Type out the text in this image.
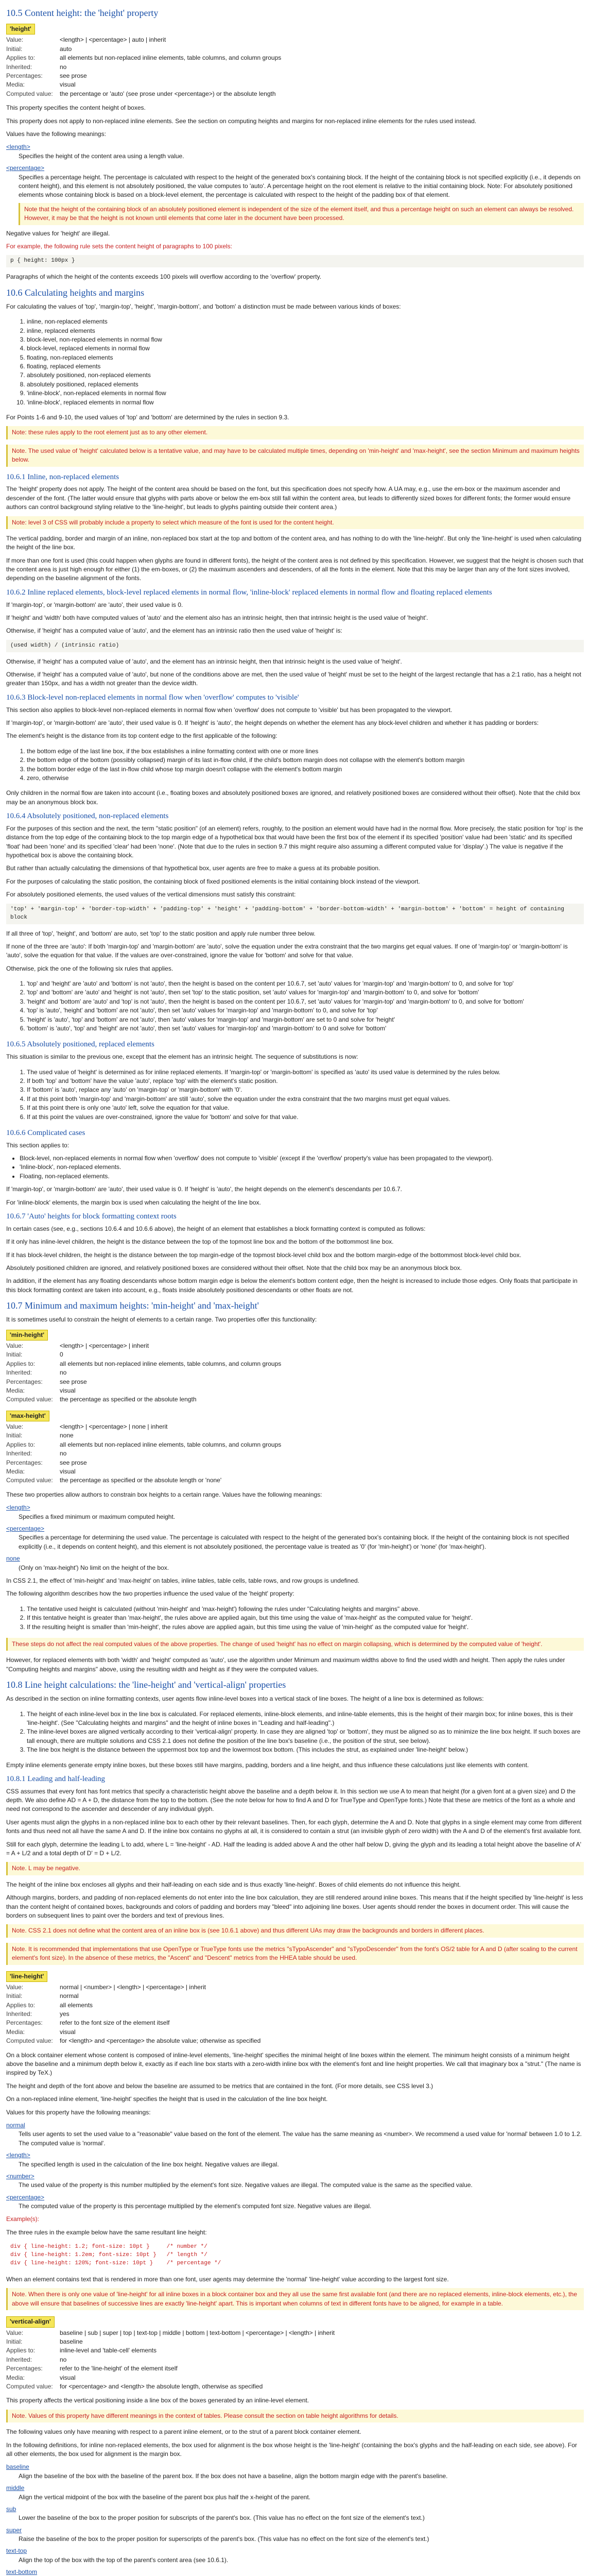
10.5 Content height: the 'height' property
'height'
Value:	<length> | <percentage> | auto | inherit
Initial:	auto
Applies to:	all elements but non-replaced inline elements, table columns, and column groups
Inherited:	no
Percentages:	see prose
Media:	visual
Computed value:	the percentage or 'auto' (see prose under <percentage>) or the absolute length

This property specifies the content height of boxes.

This property does not apply to non-replaced inline elements. See the section on computing heights and margins for non-replaced inline elements for the rules used instead.

Values have the following meanings:

<length>
Specifies the height of the content area using a length value.
<percentage>
Specifies a percentage height. The percentage is calculated with respect to the height of the generated box's containing block. If the height of the containing block is not specified explicitly (i.e., it depends on content height), and this element is not absolutely positioned, the value computes to 'auto'. A percentage height on the root element is relative to the initial containing block. Note: For absolutely positioned elements whose containing block is based on a block-level element, the percentage is calculated with respect to the height of the padding box of that element.
Note that the height of the containing block of an absolutely positioned element is independent of the size of the element itself, and thus a percentage height on such an element can always be resolved. However, it may be that the height is not known until elements that come later in the document have been processed.

Negative values for 'height' are illegal.

For example, the following rule sets the content height of paragraphs to 100 pixels:

p { height: 100px }

Paragraphs of which the height of the contents exceeds 100 pixels will overflow according to the 'overflow' property.

10.6 Calculating heights and margins

For calculating the values of 'top', 'margin-top', 'height', 'margin-bottom', and 'bottom' a distinction must be made between various kinds of boxes:

1. inline, non-replaced elements
2. inline, replaced elements
3. block-level, non-replaced elements in normal flow
4. block-level, replaced elements in normal flow
5. floating, non-replaced elements
6. floating, replaced elements
7. absolutely positioned, non-replaced elements
8. absolutely positioned, replaced elements
9. 'inline-block', non-replaced elements in normal flow
10. 'inline-block', replaced elements in normal flow

For Points 1-6 and 9-10, the used values of 'top' and 'bottom' are determined by the rules in section 9.3.

Note: these rules apply to the root element just as to any other element.

Note. The used value of 'height' calculated below is a tentative value, and may have to be calculated multiple times, depending on 'min-height' and 'max-height', see the section Minimum and maximum heights below.

10.6.1 Inline, non-replaced elements

The 'height' property does not apply. The height of the content area should be based on the font, but this specification does not specify how. A UA may, e.g., use the em-box or the maximum ascender and descender of the font. (The latter would ensure that glyphs with parts above or below the em-box still fall within the content area, but leads to differently sized boxes for different fonts; the former would ensure authors can control background styling relative to the 'line-height', but leads to glyphs painting outside their content area.)

Note: level 3 of CSS will probably include a property to select which measure of the font is used for the content height.

The vertical padding, border and margin of an inline, non-replaced box start at the top and bottom of the content area, and has nothing to do with the 'line-height'. But only the 'line-height' is used when calculating the height of the line box.

If more than one font is used (this could happen when glyphs are found in different fonts), the height of the content area is not defined by this specification. However, we suggest that the height is chosen such that the content area is just high enough for either (1) the em-boxes, or (2) the maximum ascenders and descenders, of all the fonts in the element. Note that this may be larger than any of the font sizes involved, depending on the baseline alignment of the fonts.

10.6.2 Inline replaced elements, block-level replaced elements in normal flow, 'inline-block' replaced elements in normal flow and floating replaced elements

If 'margin-top', or 'margin-bottom' are 'auto', their used value is 0.

If 'height' and 'width' both have computed values of 'auto' and the element also has an intrinsic height, then that intrinsic height is the used value of 'height'.

Otherwise, if 'height' has a computed value of 'auto', and the element has an intrinsic ratio then the used value of 'height' is:

(used width) / (intrinsic ratio)

Otherwise, if 'height' has a computed value of 'auto', and the element has an intrinsic height, then that intrinsic height is the used value of 'height'.

Otherwise, if 'height' has a computed value of 'auto', but none of the conditions above are met, then the used value of 'height' must be set to the height of the largest rectangle that has a 2:1 ratio, has a height not greater than 150px, and has a width not greater than the device width.

10.6.3 Block-level non-replaced elements in normal flow when 'overflow' computes to 'visible'

This section also applies to block-level non-replaced elements in normal flow when 'overflow' does not compute to 'visible' but has been propagated to the viewport.

If 'margin-top', or 'margin-bottom' are 'auto', their used value is 0. If 'height' is 'auto', the height depends on whether the element has any block-level children and whether it has padding or borders:

The element's height is the distance from its top content edge to the first applicable of the following:

1. the bottom edge of the last line box, if the box establishes a inline formatting context with one or more lines
2. the bottom edge of the bottom (possibly collapsed) margin of its last in-flow child, if the child's bottom margin does not collapse with the element's bottom margin
3. the bottom border edge of the last in-flow child whose top margin doesn't collapse with the element's bottom margin
4. zero, otherwise

Only children in the normal flow are taken into account (i.e., floating boxes and absolutely positioned boxes are ignored, and relatively positioned boxes are considered without their offset). Note that the child box may be an anonymous block box.

10.6.4 Absolutely positioned, non-replaced elements

For the purposes of this section and the next, the term "static position" (of an element) refers, roughly, to the position an element would have had in the normal flow. More precisely, the static position for 'top' is the distance from the top edge of the containing block to the top margin edge of a hypothetical box that would have been the first box of the element if its specified 'position' value had been 'static' and its specified 'float' had been 'none' and its specified 'clear' had been 'none'. (Note that due to the rules in section 9.7 this might require also assuming a different computed value for 'display'.) The value is negative if the hypothetical box is above the containing block.

But rather than actually calculating the dimensions of that hypothetical box, user agents are free to make a guess at its probable position.

For the purposes of calculating the static position, the containing block of fixed positioned elements is the initial containing block instead of the viewport.

For absolutely positioned elements, the used values of the vertical dimensions must satisfy this constraint:

'top' + 'margin-top' + 'border-top-width' + 'padding-top' + 'height' + 'padding-bottom' + 'border-bottom-width' + 'margin-bottom' + 'bottom' = height of containing block

If all three of 'top', 'height', and 'bottom' are auto, set 'top' to the static position and apply rule number three below.

If none of the three are 'auto': If both 'margin-top' and 'margin-bottom' are 'auto', solve the equation under the extra constraint that the two margins get equal values. If one of 'margin-top' or 'margin-bottom' is 'auto', solve the equation for that value. If the values are over-constrained, ignore the value for 'bottom' and solve for that value.

Otherwise, pick the one of the following six rules that applies.

1. 'top' and 'height' are 'auto' and 'bottom' is not 'auto', then the height is based on the content per 10.6.7, set 'auto' values for 'margin-top' and 'margin-bottom' to 0, and solve for 'top'
2. 'top' and 'bottom' are 'auto' and 'height' is not 'auto', then set 'top' to the static position, set 'auto' values for 'margin-top' and 'margin-bottom' to 0, and solve for 'bottom'
3. 'height' and 'bottom' are 'auto' and 'top' is not 'auto', then the height is based on the content per 10.6.7, set 'auto' values for 'margin-top' and 'margin-bottom' to 0, and solve for 'bottom'
4. 'top' is 'auto', 'height' and 'bottom' are not 'auto', then set 'auto' values for 'margin-top' and 'margin-bottom' to 0, and solve for 'top'
5. 'height' is 'auto', 'top' and 'bottom' are not 'auto', then 'auto' values for 'margin-top' and 'margin-bottom' are set to 0 and solve for 'height'
6. 'bottom' is 'auto', 'top' and 'height' are not 'auto', then set 'auto' values for 'margin-top' and 'margin-bottom' to 0 and solve for 'bottom'
10.6.5 Absolutely positioned, replaced elements

This situation is similar to the previous one, except that the element has an intrinsic height. The sequence of substitutions is now:

1. The used value of 'height' is determined as for inline replaced elements. If 'margin-top' or 'margin-bottom' is specified as 'auto' its used value is determined by the rules below.
2. If both 'top' and 'bottom' have the value 'auto', replace 'top' with the element's static position.
3. If 'bottom' is 'auto', replace any 'auto' on 'margin-top' or 'margin-bottom' with '0'.
4. If at this point both 'margin-top' and 'margin-bottom' are still 'auto', solve the equation under the extra constraint that the two margins must get equal values.
5. If at this point there is only one 'auto' left, solve the equation for that value.
6. If at this point the values are over-constrained, ignore the value for 'bottom' and solve for that value.
10.6.6 Complicated cases

This section applies to:

• Block-level, non-replaced elements in normal flow when 'overflow' does not compute to 'visible' (except if the 'overflow' property's value has been propagated to the viewport).
• 'Inline-block', non-replaced elements.
• Floating, non-replaced elements.

If 'margin-top', or 'margin-bottom' are 'auto', their used value is 0. If 'height' is 'auto', the height depends on the element's descendants per 10.6.7.

For 'inline-block' elements, the margin box is used when calculating the height of the line box.

10.6.7 'Auto' heights for block formatting context roots

In certain cases (see, e.g., sections 10.6.4 and 10.6.6 above), the height of an element that establishes a block formatting context is computed as follows:

If it only has inline-level children, the height is the distance between the top of the topmost line box and the bottom of the bottommost line box.

If it has block-level children, the height is the distance between the top margin-edge of the topmost block-level child box and the bottom margin-edge of the bottommost block-level child box.

Absolutely positioned children are ignored, and relatively positioned boxes are considered without their offset. Note that the child box may be an anonymous block box.

In addition, if the element has any floating descendants whose bottom margin edge is below the element's bottom content edge, then the height is increased to include those edges. Only floats that participate in this block formatting context are taken into account, e.g., floats inside absolutely positioned descendants or other floats are not.

10.7 Minimum and maximum heights: 'min-height' and 'max-height'

It is sometimes useful to constrain the height of elements to a certain range. Two properties offer this functionality:

'min-height'
Value:	<length> | <percentage> | inherit
Initial:	0
Applies to:	all elements but non-replaced inline elements, table columns, and column groups
Inherited:	no
Percentages:	see prose
Media:	visual
Computed value:	the percentage as specified or the absolute length
'max-height'
Value:	<length> | <percentage> | none | inherit
Initial:	none
Applies to:	all elements but non-replaced inline elements, table columns, and column groups
Inherited:	no
Percentages:	see prose
Media:	visual
Computed value:	the percentage as specified or the absolute length or 'none'

These two properties allow authors to constrain box heights to a certain range. Values have the following meanings:

<length>
Specifies a fixed minimum or maximum computed height.
<percentage>
Specifies a percentage for determining the used value. The percentage is calculated with respect to the height of the generated box's containing block. If the height of the containing block is not specified explicitly (i.e., it depends on content height), and this element is not absolutely positioned, the percentage value is treated as '0' (for 'min-height') or 'none' (for 'max-height').
none
(Only on 'max-height') No limit on the height of the box.

In CSS 2.1, the effect of 'min-height' and 'max-height' on tables, inline tables, table cells, table rows, and row groups is undefined.

The following algorithm describes how the two properties influence the used value of the 'height' property:

1. The tentative used height is calculated (without 'min-height' and 'max-height') following the rules under "Calculating heights and margins" above.
2. If this tentative height is greater than 'max-height', the rules above are applied again, but this time using the value of 'max-height' as the computed value for 'height'.
3. If the resulting height is smaller than 'min-height', the rules above are applied again, but this time using the value of 'min-height' as the computed value for 'height'.

These steps do not affect the real computed values of the above properties. The change of used 'height' has no effect on margin collapsing, which is determined by the computed value of 'height'.

However, for replaced elements with both 'width' and 'height' computed as 'auto', use the algorithm under Minimum and maximum widths above to find the used width and height. Then apply the rules under "Computing heights and margins" above, using the resulting width and height as if they were the computed values.

10.8 Line height calculations: the 'line-height' and 'vertical-align' properties

As described in the section on inline formatting contexts, user agents flow inline-level boxes into a vertical stack of line boxes. The height of a line box is determined as follows:

1. The height of each inline-level box in the line box is calculated. For replaced elements, inline-block elements, and inline-table elements, this is the height of their margin box; for inline boxes, this is their 'line-height'. (See "Calculating heights and margins" and the height of inline boxes in "Leading and half-leading".)
2. The inline-level boxes are aligned vertically according to their 'vertical-align' property. In case they are aligned 'top' or 'bottom', they must be aligned so as to minimize the line box height. If such boxes are tall enough, there are multiple solutions and CSS 2.1 does not define the position of the line box's baseline (i.e., the position of the strut, see below).
3. The line box height is the distance between the uppermost box top and the lowermost box bottom. (This includes the strut, as explained under 'line-height' below.)

Empty inline elements generate empty inline boxes, but these boxes still have margins, padding, borders and a line height, and thus influence these calculations just like elements with content.

10.8.1 Leading and half-leading

CSS assumes that every font has font metrics that specify a characteristic height above the baseline and a depth below it. In this section we use A to mean that height (for a given font at a given size) and D the depth. We also define AD = A + D, the distance from the top to the bottom. (See the note below for how to find A and D for TrueType and OpenType fonts.) Note that these are metrics of the font as a whole and need not correspond to the ascender and descender of any individual glyph.

User agents must align the glyphs in a non-replaced inline box to each other by their relevant baselines. Then, for each glyph, determine the A and D. Note that glyphs in a single element may come from different fonts and thus need not all have the same A and D. If the inline box contains no glyphs at all, it is considered to contain a strut (an invisible glyph of zero width) with the A and D of the element's first available font.

Still for each glyph, determine the leading L to add, where L = 'line-height' - AD. Half the leading is added above A and the other half below D, giving the glyph and its leading a total height above the baseline of A' = A + L/2 and a total depth of D' = D + L/2.

Note. L may be negative.

The height of the inline box encloses all glyphs and their half-leading on each side and is thus exactly 'line-height'. Boxes of child elements do not influence this height.

Although margins, borders, and padding of non-replaced elements do not enter into the line box calculation, they are still rendered around inline boxes. This means that if the height specified by 'line-height' is less than the content height of contained boxes, backgrounds and colors of padding and borders may "bleed" into adjoining line boxes. User agents should render the boxes in document order. This will cause the borders on subsequent lines to paint over the borders and text of previous lines.

Note. CSS 2.1 does not define what the content area of an inline box is (see 10.6.1 above) and thus different UAs may draw the backgrounds and borders in different places.

Note. It is recommended that implementations that use OpenType or TrueType fonts use the metrics "sTypoAscender" and "sTypoDescender" from the font's OS/2 table for A and D (after scaling to the current element's font size). In the absence of these metrics, the "Ascent" and "Descent" metrics from the HHEA table should be used.

'line-height'
Value:	normal | <number> | <length> | <percentage> | inherit
Initial:	normal
Applies to:	all elements
Inherited:	yes
Percentages:	refer to the font size of the element itself
Media:	visual
Computed value:	for <length> and <percentage> the absolute value; otherwise as specified

On a block container element whose content is composed of inline-level elements, 'line-height' specifies the minimal height of line boxes within the element. The minimum height consists of a minimum height above the baseline and a minimum depth below it, exactly as if each line box starts with a zero-width inline box with the element's font and line height properties. We call that imaginary box a "strut." (The name is inspired by TeX.)

The height and depth of the font above and below the baseline are assumed to be metrics that are contained in the font. (For more details, see CSS level 3.)

On a non-replaced inline element, 'line-height' specifies the height that is used in the calculation of the line box height.

Values for this property have the following meanings:

normal
Tells user agents to set the used value to a "reasonable" value based on the font of the element. The value has the same meaning as <number>. We recommend a used value for 'normal' between 1.0 to 1.2. The computed value is 'normal'.
<length>
The specified length is used in the calculation of the line box height. Negative values are illegal.
<number>
The used value of the property is this number multiplied by the element's font size. Negative values are illegal. The computed value is the same as the specified value.
<percentage>
The computed value of the property is this percentage multiplied by the element's computed font size. Negative values are illegal.

Example(s):

The three rules in the example below have the same resultant line height:

div { line-height: 1.2; font-size: 10pt }     /* number */
div { line-height: 1.2em; font-size: 10pt }   /* length */
div { line-height: 120%; font-size: 10pt }    /* percentage */

When an element contains text that is rendered in more than one font, user agents may determine the 'normal' 'line-height' value according to the largest font size.

Note. When there is only one value of 'line-height' for all inline boxes in a block container box and they all use the same first available font (and there are no replaced elements, inline-block elements, etc.), the above will ensure that baselines of successive lines are exactly 'line-height' apart. This is important when columns of text in different fonts have to be aligned, for example in a table.

'vertical-align'
Value:	baseline | sub | super | top | text-top | middle | bottom | text-bottom | <percentage> | <length> | inherit
Initial:	baseline
Applies to:	inline-level and 'table-cell' elements
Inherited:	no
Percentages:	refer to the 'line-height' of the element itself
Media:	visual
Computed value:	for <percentage> and <length> the absolute length, otherwise as specified

This property affects the vertical positioning inside a line box of the boxes generated by an inline-level element.

Note. Values of this property have different meanings in the context of tables. Please consult the section on table height algorithms for details.

The following values only have meaning with respect to a parent inline element, or to the strut of a parent block container element.

In the following definitions, for inline non-replaced elements, the box used for alignment is the box whose height is the 'line-height' (containing the box's glyphs and the half-leading on each side, see above). For all other elements, the box used for alignment is the margin box.

baseline
Align the baseline of the box with the baseline of the parent box. If the box does not have a baseline, align the bottom margin edge with the parent's baseline.
middle
Align the vertical midpoint of the box with the baseline of the parent box plus half the x-height of the parent.
sub
Lower the baseline of the box to the proper position for subscripts of the parent's box. (This value has no effect on the font size of the element's text.)
super
Raise the baseline of the box to the proper position for superscripts of the parent's box. (This value has no effect on the font size of the element's text.)
text-top
Align the top of the box with the top of the parent's content area (see 10.6.1).
text-bottom
